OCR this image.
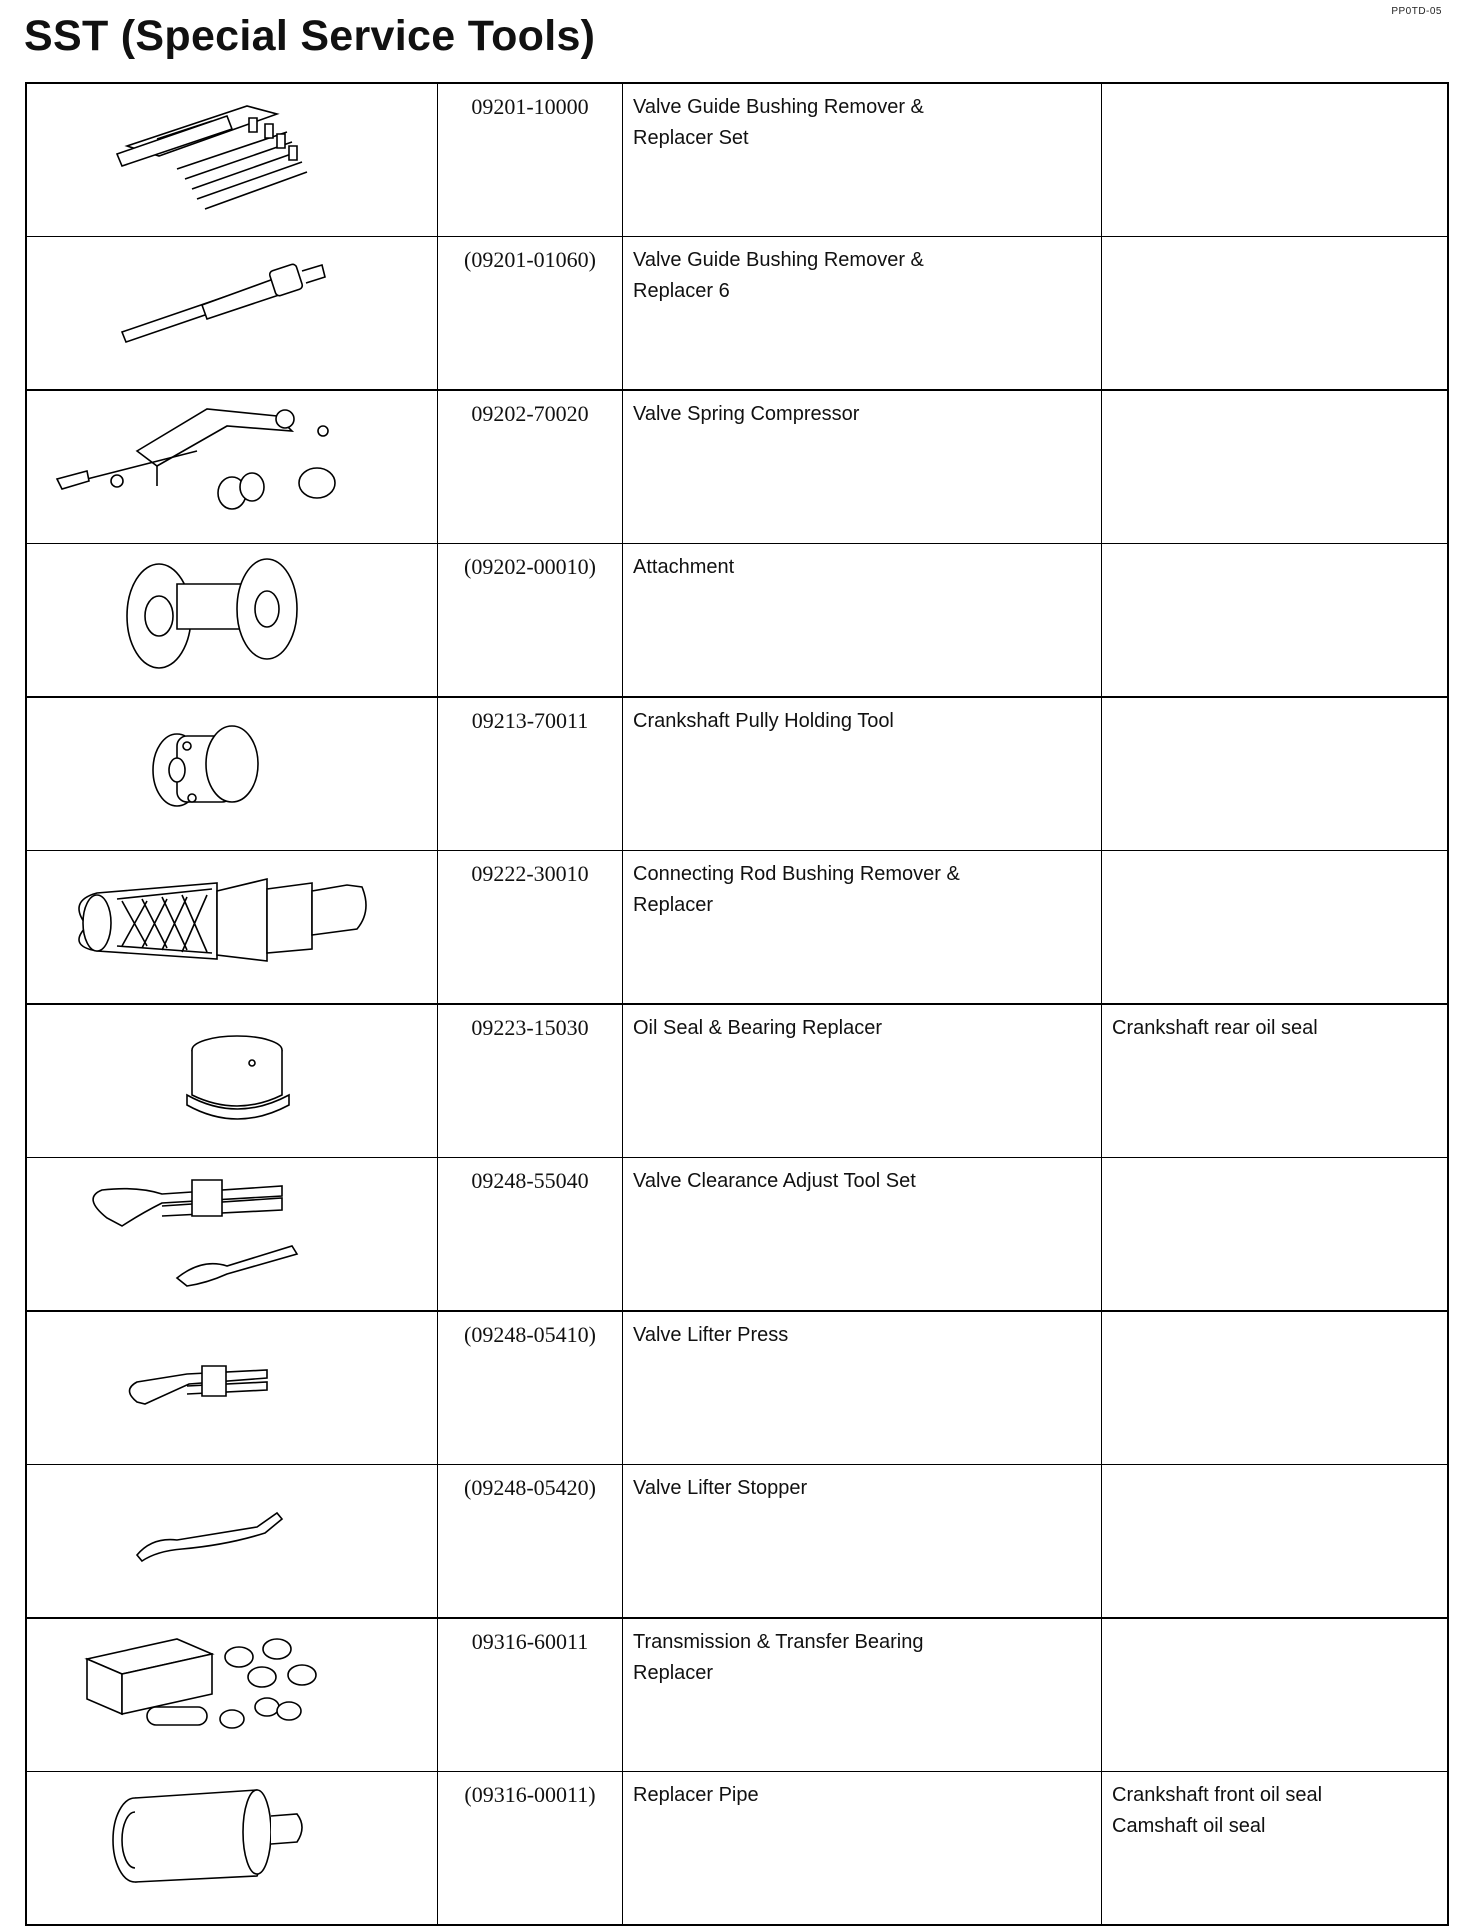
PP0TD-05
SST (Special Service Tools)
	09201-10000	Valve Guide Bushing Remover & Replacer Set	

	(09201-01060)	Valve Guide Bushing Remover & Replacer 6	

	09202-70020	Valve Spring Compressor	

	(09202-00010)	Attachment	

	09213-70011	Crankshaft Pully Holding Tool	

	09222-30010	Connecting Rod Bushing Remover & Replacer	

	09223-15030	Oil Seal & Bearing Replacer	Crankshaft rear oil seal

	09248-55040	Valve Clearance Adjust Tool Set	

	(09248-05410)	Valve Lifter Press	

	(09248-05420)	Valve Lifter Stopper	

	09316-60011	Transmission & Transfer Bearing Replacer	

	(09316-00011)	Replacer Pipe	Crankshaft front oil seal
Camshaft oil seal
